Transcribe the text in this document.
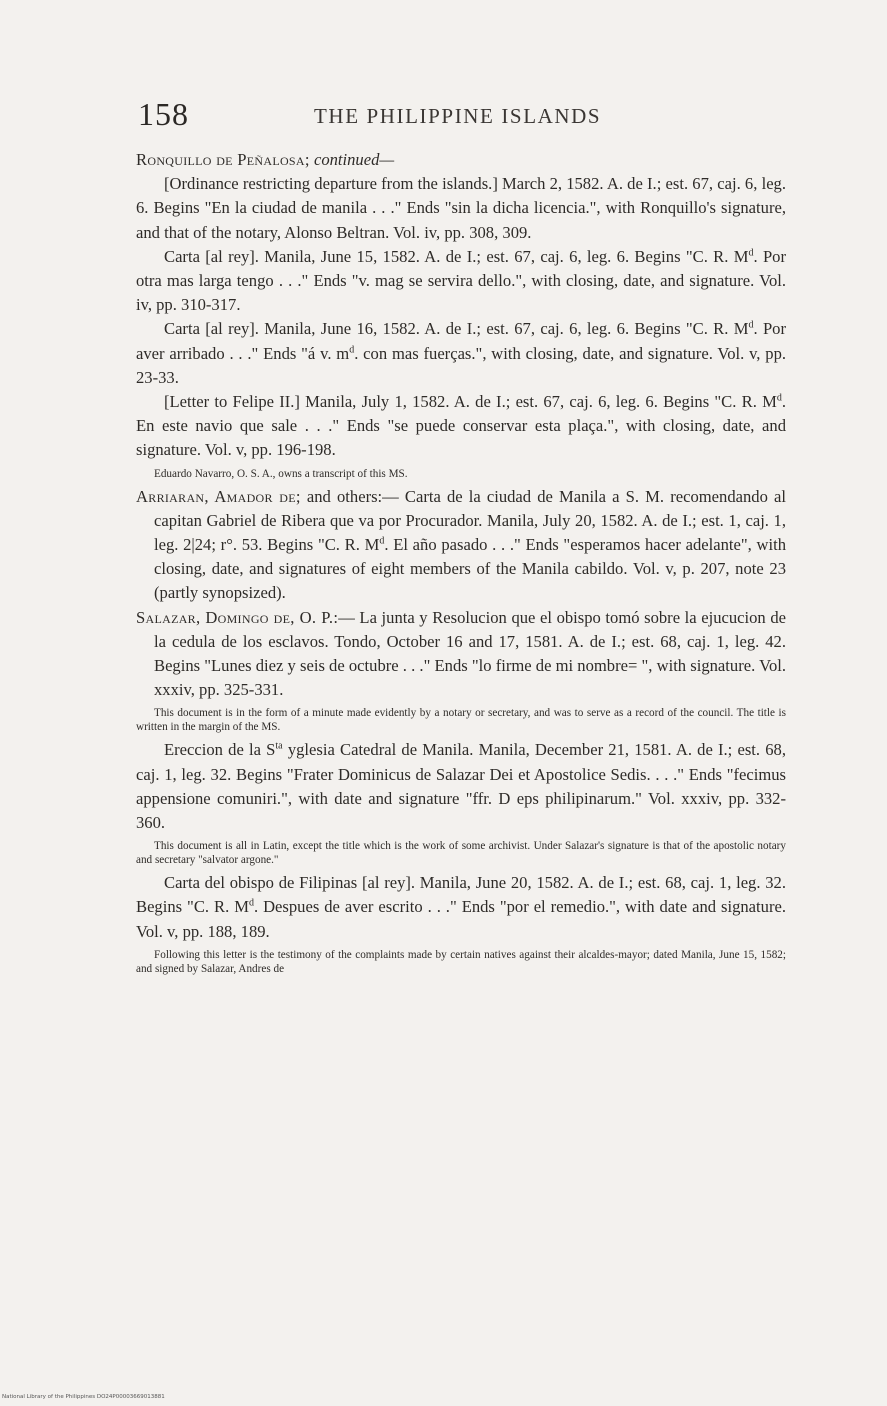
158	THE PHILIPPINE ISLANDS

Ronquillo de Peñalosa; continued—

[Ordinance restricting departure from the islands.] March 2, 1582. A. de I.; est. 67, caj. 6, leg. 6. Begins "En la ciudad de manila . . ." Ends "sin la dicha licencia.", with Ronquillo's signature, and that of the notary, Alonso Beltran. Vol. iv, pp. 308, 309.

Carta [al rey]. Manila, June 15, 1582. A. de I.; est. 67, caj. 6, leg. 6. Begins "C. R. $M^d$. Por otra mas larga tengo . . ." Ends "v. mag se servira dello.", with closing, date, and signature. Vol. iv, pp. 310-317.

Carta [al rey]. Manila, June 16, 1582. A. de I.; est. 67, caj. 6, leg. 6. Begins "C. R. $M^d$. Por aver arribado . . ." Ends "á v. $m^d$. con mas fuerças.", with closing, date, and signature. Vol. v, pp. 23-33.

[Letter to Felipe II.] Manila, July 1, 1582. A. de I.; est. 67, caj. 6, leg. 6. Begins "C. R. $M^d$. En este navio que sale . . ." Ends "se puede conservar esta plaça.", with closing, date, and signature. Vol. v, pp. 196-198.

Eduardo Navarro, O. S. A., owns a transcript of this MS.

Arriaran, Amador de; and others:— Carta de la ciudad de Manila a S. M. recomendando al capitan Gabriel de Ribera que va por Procurador. Manila, July 20, 1582. A. de I.; est. 1, caj. 1, leg. 2|24; r°. 53. Begins "C. R. $M^d$. El año pasado . . ." Ends "esperamos hacer adelante", with closing, date, and signatures of eight members of the Manila cabildo. Vol. v, p. 207, note 23 (partly synopsized).

Salazar, Domingo de, O. P.:— La junta y Resolucion que el obispo tomó sobre la ejucucion de la cedula de los esclavos. Tondo, October 16 and 17, 1581. A. de I.; est. 68, caj. 1, leg. 42. Begins "Lunes diez y seis de octubre . . ." Ends "lo firme de mi nombre= ", with signature. Vol. xxxiv, pp. 325-331.

This document is in the form of a minute made evidently by a notary or secretary, and was to serve as a record of the council. The title is written in the margin of the MS.

Ereccion de la $S^{ta}$ yglesia Catedral de Manila. Manila, December 21, 1581. A. de I.; est. 68, caj. 1, leg. 32. Begins "Frater Dominicus de Salazar Dei et Apostolice Sedis. . . ." Ends "fecimus appensione comuniri.", with date and signature "ffr. D eps philipinarum." Vol. xxxiv, pp. 332-360.

This document is all in Latin, except the title which is the work of some archivist. Under Salazar's signature is that of the apostolic notary and secretary "salvator argone."

Carta del obispo de Filipinas [al rey]. Manila, June 20, 1582. A. de I.; est. 68, caj. 1, leg. 32. Begins "C. R. $M^d$. Despues de aver escrito . . ." Ends "por el remedio.", with date and signature. Vol. v, pp. 188, 189.

Following this letter is the testimony of the complaints made by certain natives against their alcaldes-mayor; dated Manila, June 15, 1582; and signed by Salazar, Andres de

National Library of the Philippines DO24P00003669013881
